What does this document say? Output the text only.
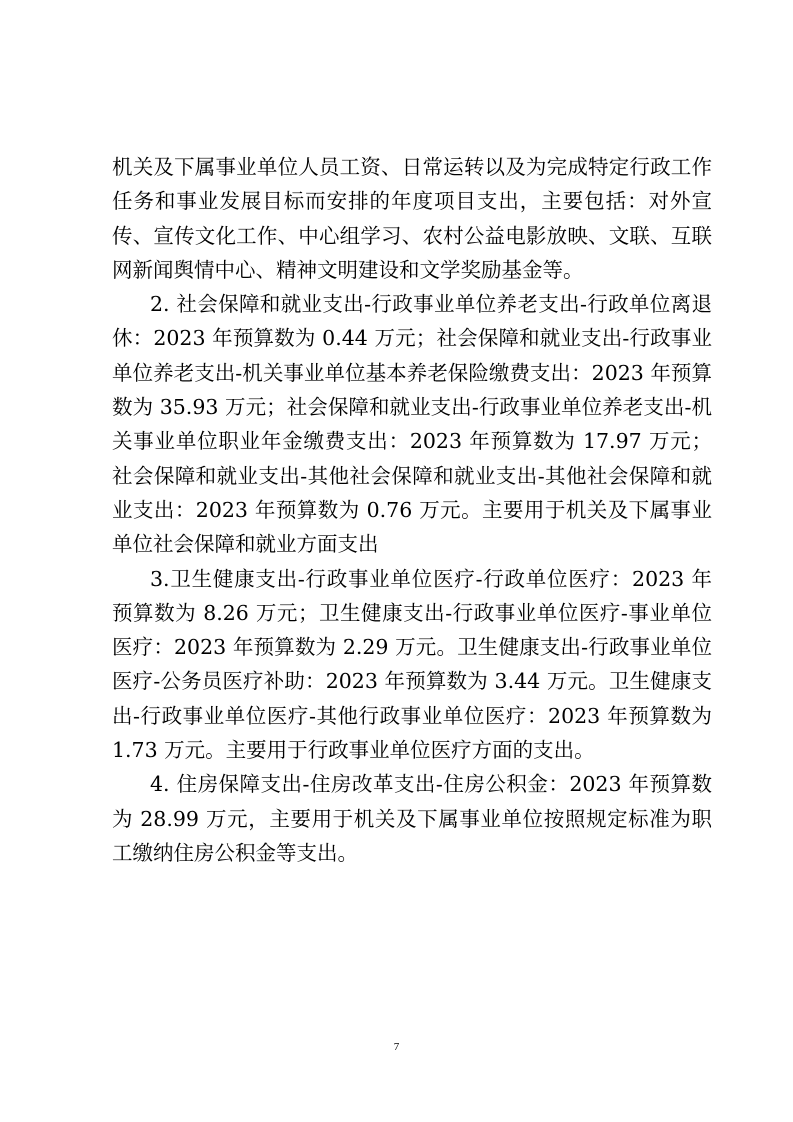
机关及下属事业单位人员工资、日常运转以及为完成特定行政工作任务和事业发展目标而安排的年度项目支出，主要包括：对外宣传、宣传文化工作、中心组学习、农村公益电影放映、文联、互联网新闻舆情中心、精神文明建设和文学奖励基金等。

2. 社会保障和就业支出-行政事业单位养老支出-行政单位离退休：2023 年预算数为 0.44 万元；社会保障和就业支出-行政事业单位养老支出-机关事业单位基本养老保险缴费支出：2023 年预算数为 35.93 万元；社会保障和就业支出-行政事业单位养老支出-机关事业单位职业年金缴费支出：2023 年预算数为 17.97 万元；社会保障和就业支出-其他社会保障和就业支出-其他社会保障和就业支出：2023 年预算数为 0.76 万元。主要用于机关及下属事业单位社会保障和就业方面支出

3.卫生健康支出-行政事业单位医疗-行政单位医疗：2023 年预算数为 8.26 万元；卫生健康支出-行政事业单位医疗-事业单位医疗：2023 年预算数为 2.29 万元。卫生健康支出-行政事业单位医疗-公务员医疗补助：2023 年预算数为 3.44 万元。卫生健康支出-行政事业单位医疗-其他行政事业单位医疗：2023 年预算数为 1.73 万元。主要用于行政事业单位医疗方面的支出。

4. 住房保障支出-住房改革支出-住房公积金：2023 年预算数为 28.99 万元，主要用于机关及下属事业单位按照规定标准为职工缴纳住房公积金等支出。

7
